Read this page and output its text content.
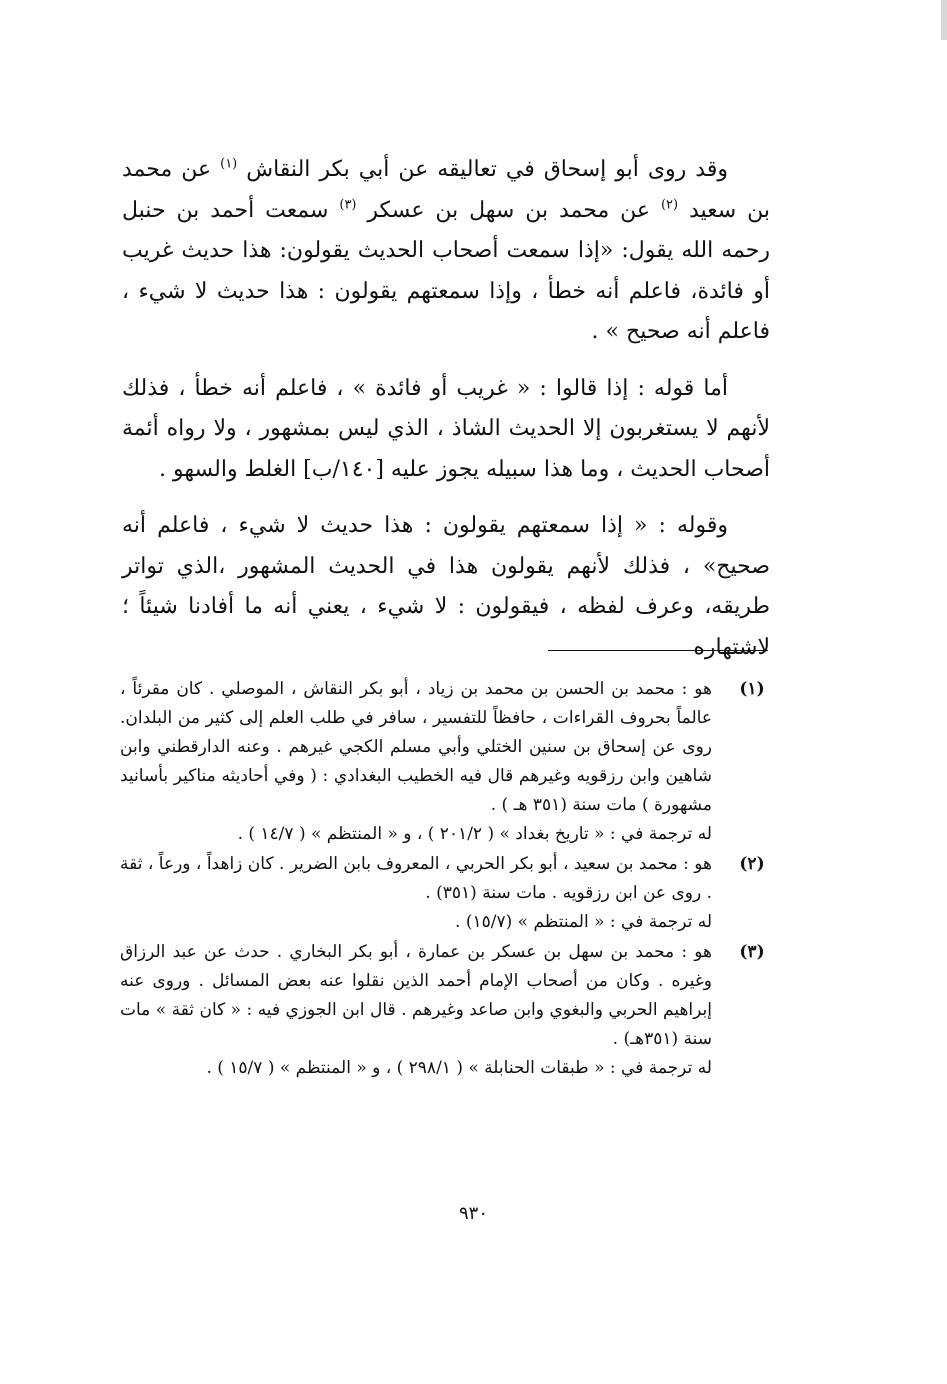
وقد روى أبو إسحاق في تعاليقه عن أبي بكر النقاش $^{(١)}$ عن محمد بن سعيد $^{(٢)}$ عن محمد بن سهل بن عسكر $^{(٣)}$ سمعت أحمد بن حنبل رحمه الله يقول: «إذا سمعت أصحاب الحديث يقولون: هذا حديث غريب أو فائدة، فاعلم أنه خطأ ، وإذا سمعتهم يقولون : هذا حديث لا شيء ، فاعلم أنه صحيح » .

أما قوله : إذا قالوا : « غريب أو فائدة » ، فاعلم أنه خطأ ، فذلك لأنهم لا يستغربون إلا الحديث الشاذ ، الذي ليس بمشهور ، ولا رواه أئمة أصحاب الحديث ، وما هذا سبيله يجوز عليه [١٤٠/ب] الغلط والسهو .

وقوله : « إذا سمعتهم يقولون : هذا حديث لا شيء ، فاعلم أنه صحيح» ، فذلك لأنهم يقولون هذا في الحديث المشهور ،الذي تواتر طريقه، وعرف لفظه ، فيقولون : لا شيء ، يعني أنه ما أفادنا شيئاً ؛ لاشتهاره

(١)

هو : محمد بن الحسن بن محمد بن زياد ، أبو بكر النقاش ، الموصلي . كان مقرئاً ، عالماً بحروف القراءات ، حافظاً للتفسير ، سافر في طلب العلم إلى كثير من البلدان. روى عن إسحاق بن سنين الختلي وأبي مسلم الكجي غيرهم . وعنه الدارقطني وابن شاهين وابن رزقويه وغيرهم قال فيه الخطيب البغدادي : ( وفي أحاديثه مناكير بأسانيد مشهورة ) مات سنة (٣٥١ هـ ) .

له ترجمة في : « تاريخ بغداد » ( ٢٠١/٢ ) ، و « المنتظم » ( ١٤/٧ ) .

(٢)

هو : محمد بن سعيد ، أبو بكر الحربي ، المعروف بابن الضرير . كان زاهداً ، ورعاً ، ثقة . روى عن ابن رزقويه . مات سنة (٣٥١) .

له ترجمة في : « المنتظم » (١٥/٧) .

(٣)

هو : محمد بن سهل بن عسكر بن عمارة ، أبو بكر البخاري . حدث عن عبد الرزاق وغيره . وكان من أصحاب الإمام أحمد الذين نقلوا عنه بعض المسائل . وروى عنه إبراهيم الحربي والبغوي وابن صاعد وغيرهم . قال ابن الجوزي فيه : « كان ثقة » مات سنة (٣٥١هـ) .

له ترجمة في : « طبقات الحنابلة » ( ٢٩٨/١ ) ، و « المنتظم » ( ١٥/٧ ) .

٩٣٠
